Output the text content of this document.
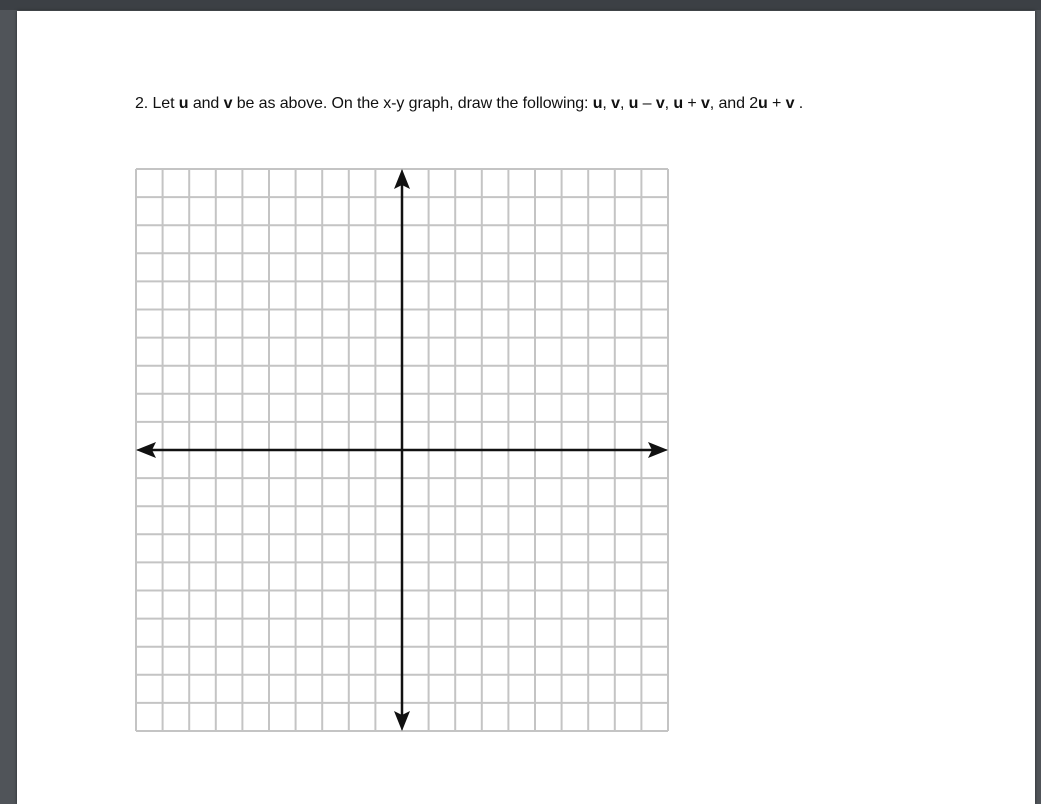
2. Let u and v be as above. On the x-y graph, draw the following: u, v, u – v, u + v, and 2u + v .
